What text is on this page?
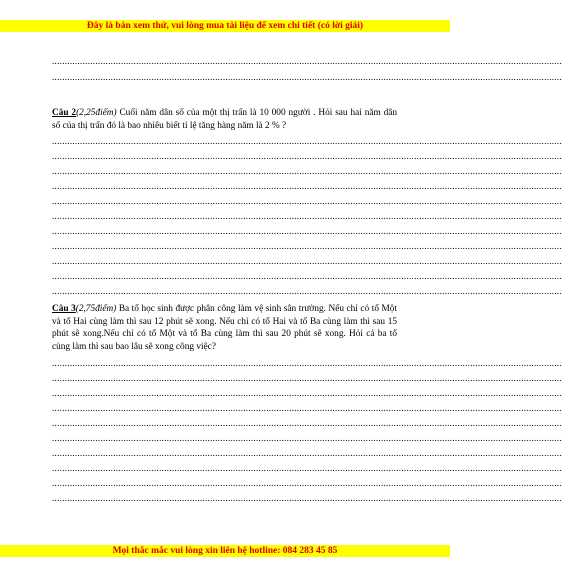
Đây là bản xem thử, vui lòng mua tài liệu để xem chi tiết (có lời giải)
........................................................................................................................................................................................................
........................................................................................................................................................................................................
Câu 2(2,25điểm) Cuối năm dân số của một thị trấn là 10 000 người . Hỏi sau hai năm dân số của thị trấn đó là bao nhiêu biết tỉ lệ tăng hàng năm là 2 % ?
........................................................................................................................................................................................................
........................................................................................................................................................................................................
........................................................................................................................................................................................................
........................................................................................................................................................................................................
........................................................................................................................................................................................................
........................................................................................................................................................................................................
........................................................................................................................................................................................................
........................................................................................................................................................................................................
........................................................................................................................................................................................................
........................................................................................................................................................................................................
........................................................................................................................................................................................................
Câu 3(2,75điểm) Ba tổ học sinh được phân công làm vệ sinh sân trường. Nếu chỉ có tổ Một và tổ Hai cùng làm thì sau 12 phút sẽ xong. Nếu chỉ có tổ Hai và tổ Ba cùng làm thì sau 15 phút sẽ xong.Nếu chỉ có tổ Một và tổ Ba cùng làm thì sau 20 phút sẽ xong. Hỏi cả ba tổ cùng làm thì sau bao lâu sẽ xong công việc?
........................................................................................................................................................................................................
........................................................................................................................................................................................................
........................................................................................................................................................................................................
........................................................................................................................................................................................................
........................................................................................................................................................................................................
........................................................................................................................................................................................................
........................................................................................................................................................................................................
........................................................................................................................................................................................................
........................................................................................................................................................................................................
........................................................................................................................................................................................................
Mọi thắc mắc vui lòng xin liên hệ hotline: 084 283 45 85
